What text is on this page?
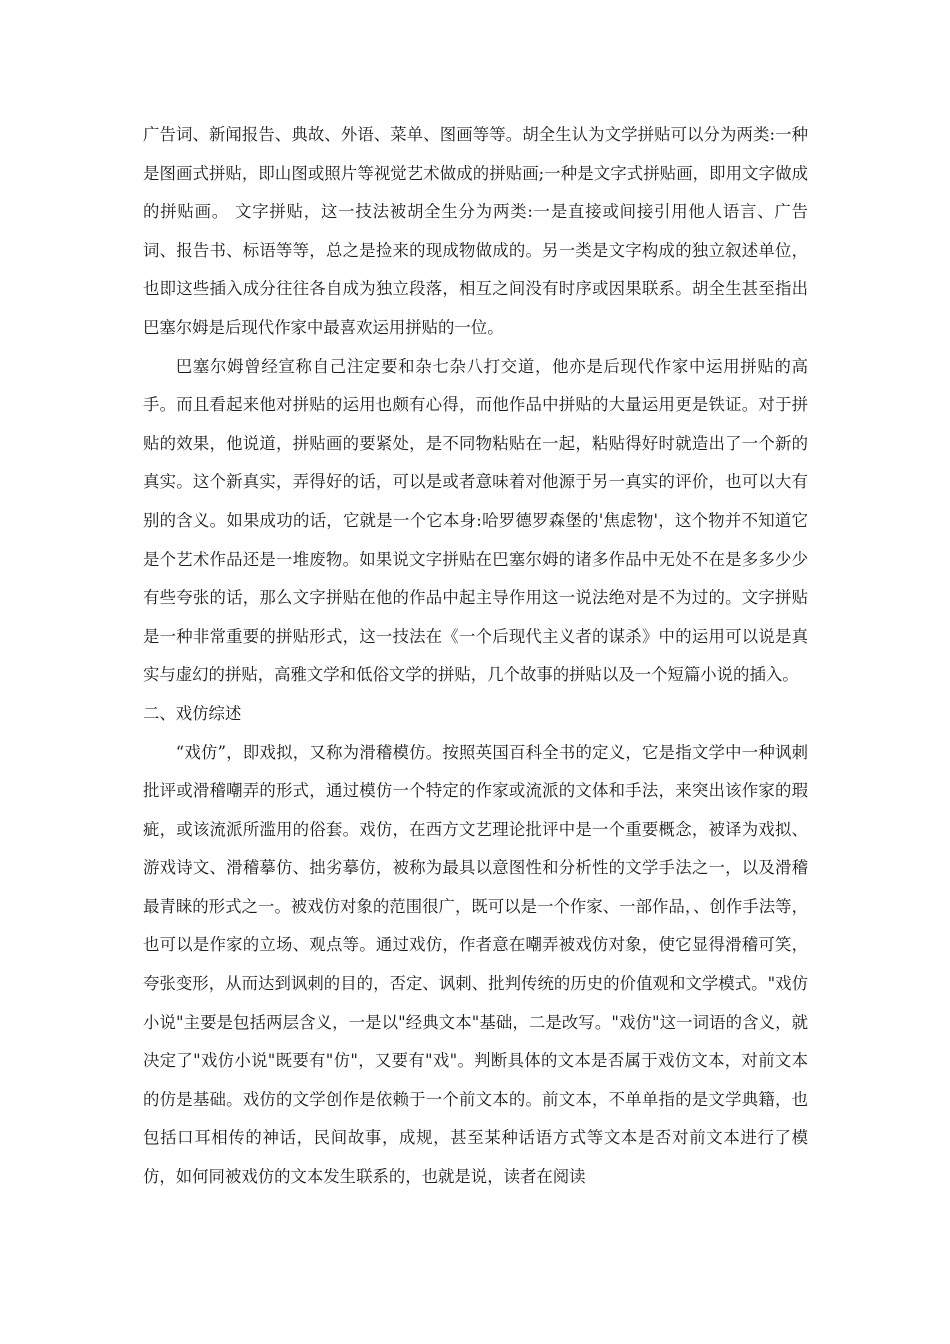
广告词、新闻报告、典故、外语、菜单、图画等等。胡全生认为文学拼贴可以分为两类:一种是图画式拼贴，即山图或照片等视觉艺术做成的拼贴画;一种是文字式拼贴画，即用文字做成的拼贴画。 文字拼贴，这一技法被胡全生分为两类:一是直接或间接引用他人语言、广告词、报告书、标语等等，总之是捡来的现成物做成的。另一类是文字构成的独立叙述单位，也即这些插入成分往往各自成为独立段落，相互之间没有时序或因果联系。胡全生甚至指出巴塞尔姆是后现代作家中最喜欢运用拼贴的一位。

巴塞尔姆曾经宣称自己注定要和杂七杂八打交道，他亦是后现代作家中运用拼贴的高手。而且看起来他对拼贴的运用也颇有心得，而他作品中拼贴的大量运用更是铁证。对于拼贴的效果，他说道，拼贴画的要紧处，是不同物粘贴在一起，粘贴得好时就造出了一个新的真实。这个新真实，弄得好的话，可以是或者意味着对他源于另一真实的评价，也可以大有别的含义。如果成功的话，它就是一个它本身:哈罗德罗森堡的'焦虑物'，这个物并不知道它是个艺术作品还是一堆废物。如果说文字拼贴在巴塞尔姆的诸多作品中无处不在是多多少少有些夸张的话，那么文字拼贴在他的作品中起主导作用这一说法绝对是不为过的。文字拼贴是一种非常重要的拼贴形式，这一技法在《一个后现代主义者的谋杀》中的运用可以说是真实与虚幻的拼贴，高雅文学和低俗文学的拼贴，几个故事的拼贴以及一个短篇小说的插入。

二、戏仿综述

“戏仿”，即戏拟，又称为滑稽模仿。按照英国百科全书的定义，它是指文学中一种讽刺批评或滑稽嘲弄的形式，通过模仿一个特定的作家或流派的文体和手法，来突出该作家的瑕疵，或该流派所滥用的俗套。戏仿，在西方文艺理论批评中是一个重要概念，被译为戏拟、游戏诗文、滑稽摹仿、拙劣摹仿，被称为最具以意图性和分析性的文学手法之一，以及滑稽最青睐的形式之一。被戏仿对象的范围很广，既可以是一个作家、一部作品，、创作手法等，也可以是作家的立场、观点等。通过戏仿，作者意在嘲弄被戏仿对象，使它显得滑稽可笑，夸张变形，从而达到讽刺的目的，否定、讽刺、批判传统的历史的价值观和文学模式。"戏仿小说"主要是包括两层含义，一是以"经典文本"基础，二是改写。"戏仿"这一词语的含义，就决定了"戏仿小说"既要有"仿"，又要有"戏"。判断具体的文本是否属于戏仿文本，对前文本的仿是基础。戏仿的文学创作是依赖于一个前文本的。前文本，不单单指的是文学典籍，也包括口耳相传的神话，民间故事，成规，甚至某种话语方式等文本是否对前文本进行了模仿，如何同被戏仿的文本发生联系的，也就是说，读者在阅读
